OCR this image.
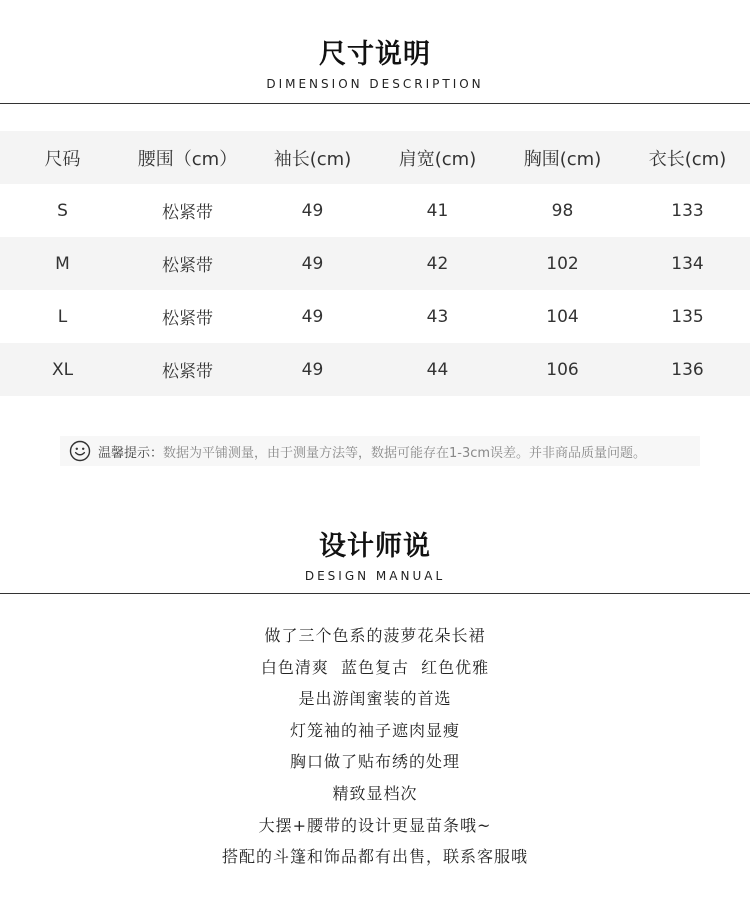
尺寸说明
DIMENSION DESCRIPTION
尺码	腰围（cm）	袖长(cm)	肩宽(cm)	胸围(cm)	衣长(cm)
S	松紧带	49	41	98	133
M	松紧带	49	42	102	134
L	松紧带	49	43	104	135
XL	松紧带	49	44	106	136
温馨提示： 数据为平铺测量，由于测量方法等，数据可能存在1-3cm误差。并非商品质量问题。
设计师说
DESIGN MANUAL
做了三个色系的菠萝花朵长裙
白色清爽  蓝色复古  红色优雅
是出游闺蜜装的首选
灯笼袖的袖子遮肉显瘦
胸口做了贴布绣的处理
精致显档次
大摆+腰带的设计更显苗条哦~
搭配的斗篷和饰品都有出售，联系客服哦
